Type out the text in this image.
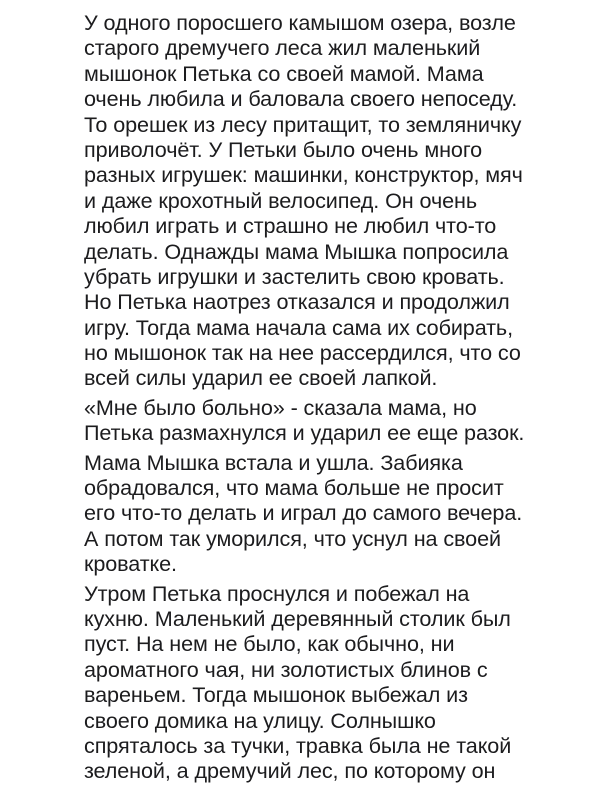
У одного поросшего камышом озера, возле
старого дремучего леса жил маленький
мышонок Петька со своей мамой. Мама
очень любила и баловала своего непоседу.
То орешек из лесу притащит, то земляничку
приволочёт. У Петьки было очень много
разных игрушек: машинки, конструктор, мяч
и даже крохотный велосипед. Он очень
любил играть и страшно не любил что-то
делать. Однажды мама Мышка попросила
убрать игрушки и застелить свою кровать.
Но Петька наотрез отказался и продолжил
игру. Тогда мама начала сама их собирать,
но мышонок так на нее рассердился, что со
всей силы ударил ее своей лапкой.

«Мне было больно» - сказала мама, но
Петька размахнулся и ударил ее еще разок.

Мама Мышка встала и ушла. Забияка
обрадовался, что мама больше не просит
его что-то делать и играл до самого вечера.
А потом так уморился, что уснул на своей
кроватке.

Утром Петька проснулся и побежал на
кухню. Маленький деревянный столик был
пуст. На нем не было, как обычно, ни
ароматного чая, ни золотистых блинов с
вареньем. Тогда мышонок выбежал из
своего домика на улицу. Солнышко
спряталось за тучки, травка была не такой
зеленой, а дремучий лес, по которому он
